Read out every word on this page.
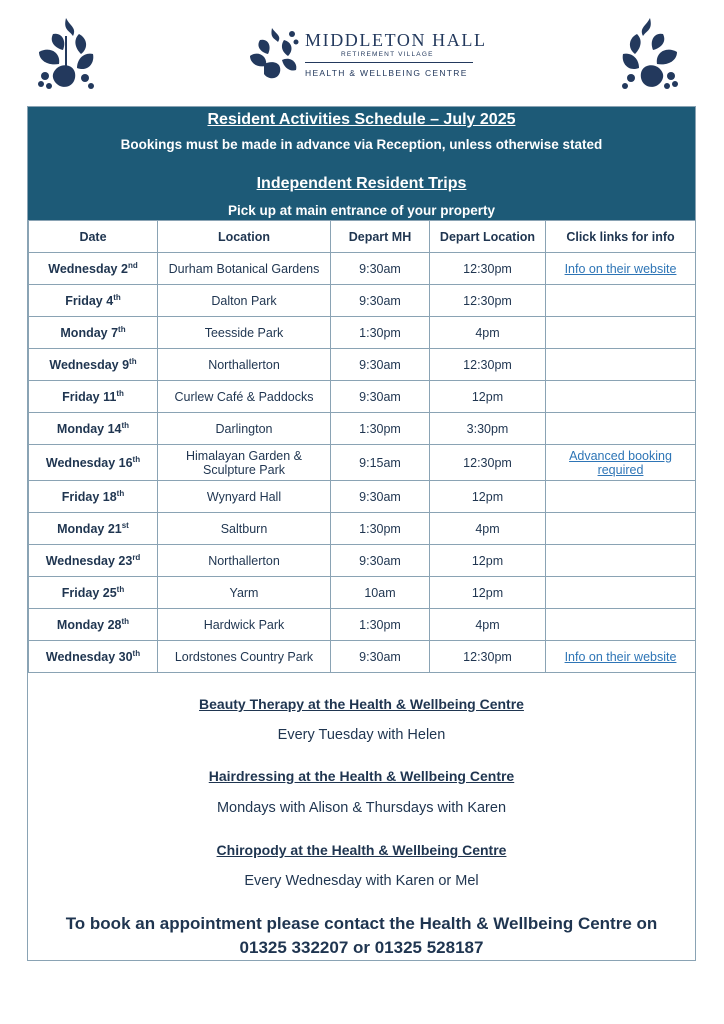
MIDDLETON HALL
RETIREMENT VILLAGE
HEALTH & WELLBEING CENTRE
Resident Activities Schedule – July 2025
Bookings must be made in advance via Reception, unless otherwise stated
Independent Resident Trips
Pick up at main entrance of your property
Date	Location	Depart MH	Depart Location	Click links for info
Wednesday 2nd	Durham Botanical Gardens	9:30am	12:30pm	Info on their website
Friday 4th	Dalton Park	9:30am	12:30pm	
Monday 7th	Teesside Park	1:30pm	4pm	
Wednesday 9th	Northallerton	9:30am	12:30pm	
Friday 11th	Curlew Café & Paddocks	9:30am	12pm	
Monday 14th	Darlington	1:30pm	3:30pm	
Wednesday 16th	Himalayan Garden & Sculpture Park	9:15am	12:30pm	Advanced booking required
Friday 18th	Wynyard Hall	9:30am	12pm	
Monday 21st	Saltburn	1:30pm	4pm	
Wednesday 23rd	Northallerton	9:30am	12pm	
Friday 25th	Yarm	10am	12pm	
Monday 28th	Hardwick Park	1:30pm	4pm	
Wednesday 30th	Lordstones Country Park	9:30am	12:30pm	Info on their website
Beauty Therapy at the Health & Wellbeing Centre
Every Tuesday with Helen
Hairdressing at the Health & Wellbeing Centre
Mondays with Alison & Thursdays with Karen
Chiropody at the Health & Wellbeing Centre
Every Wednesday with Karen or Mel
To book an appointment please contact the Health & Wellbeing Centre on
01325 332207 or 01325 528187
